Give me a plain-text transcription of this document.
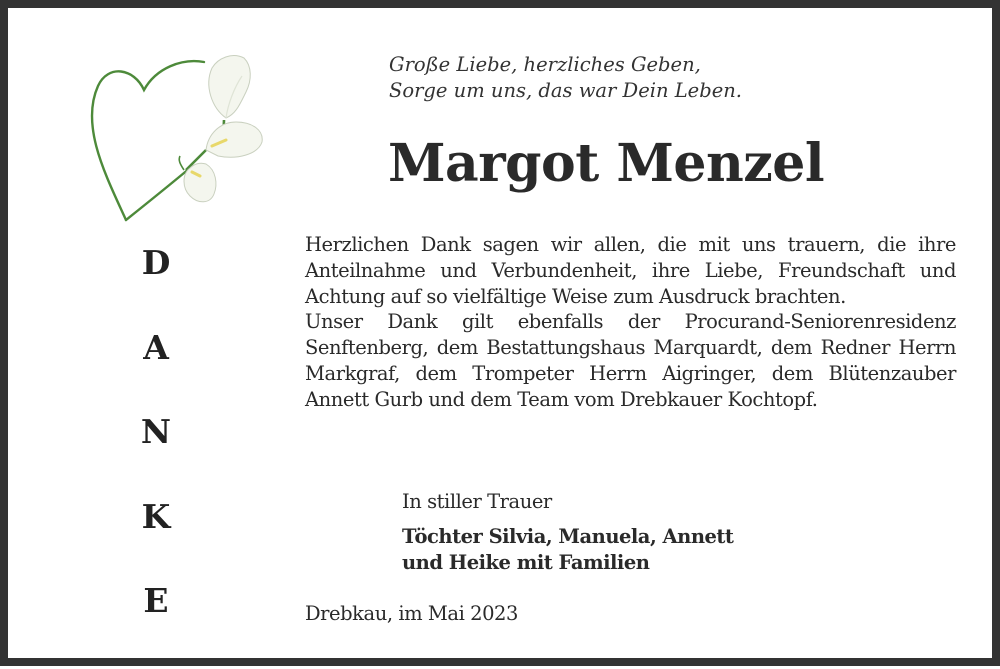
D
A
N
K
E
Große Liebe, herzliches Geben,
Sorge um uns, das war Dein Leben.
Margot Menzel

Herzlichen Dank sagen wir allen, die mit uns trauern, die ihre Anteilnahme und Verbundenheit, ihre Liebe, Freundschaft und Achtung auf so vielfältige Weise zum Ausdruck brachten.

Unser Dank gilt ebenfalls der Procurand-Seniorenresidenz Senftenberg, dem Bestattungshaus Marquardt, dem Redner Herrn Markgraf, dem Trompeter Herrn Aigringer, dem Blütenzauber Annett Gurb und dem Team vom Drebkauer Kochtopf.

In stiller Trauer
Töchter Silvia, Manuela, Annett
und Heike mit Familien
Drebkau, im Mai 2023
